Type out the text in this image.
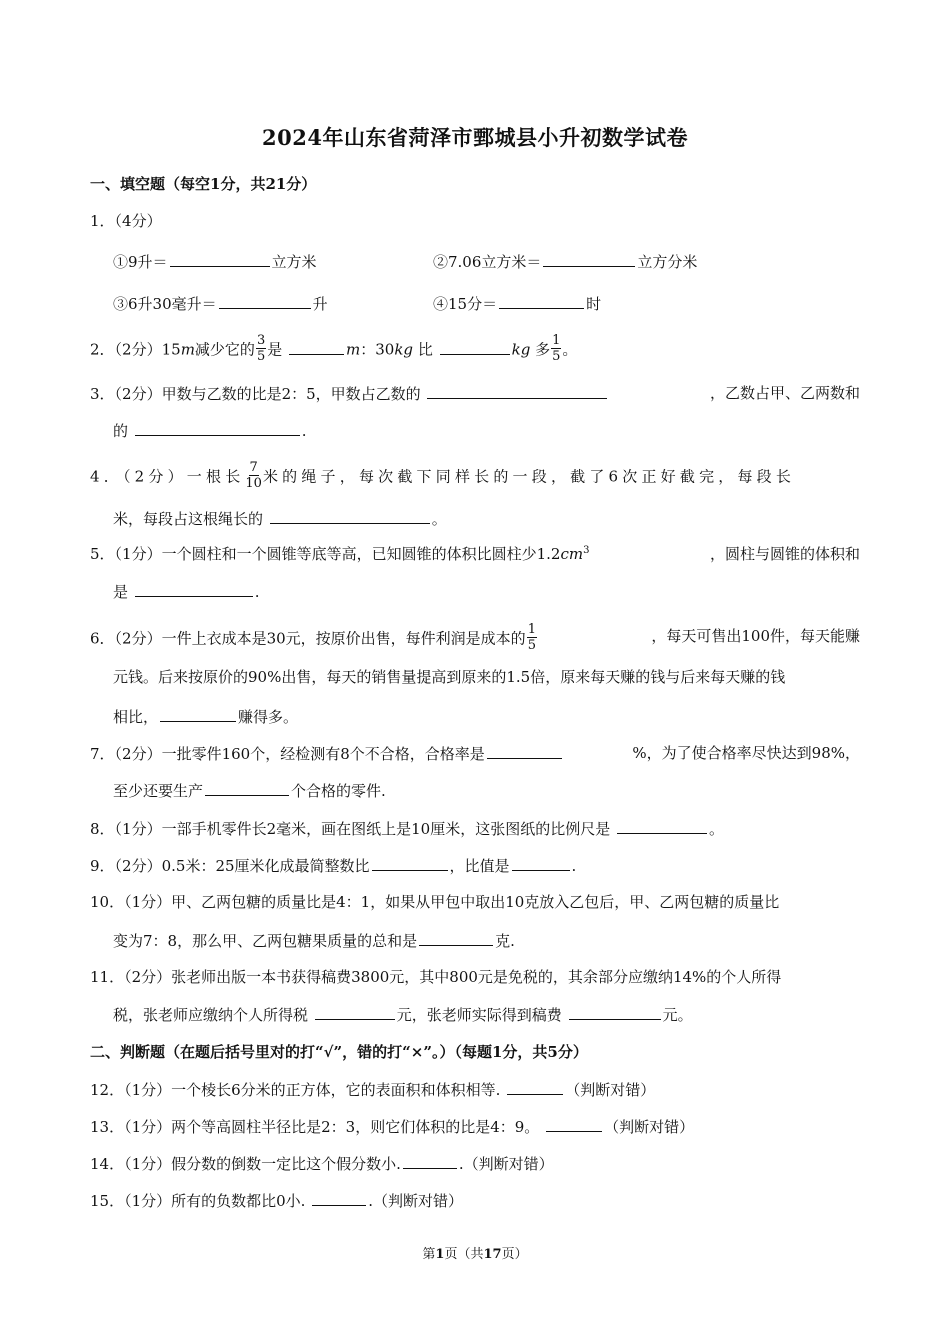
2024年山东省菏泽市鄄城县小升初数学试卷
一、填空题（每空1分，共21分）
1．（4分）
①9升＝	立方米	②7.06立方米＝	立方分米
③6升30毫升＝	升	④15分＝	时
2．（2分）15m减少它的 $\frac{3}{5}$ 是	m：30kg 比	kg 多 $\frac{1}{5}$ 。
3．（2分）甲数与乙数的比是2：5，甲数占乙数的	，乙数占甲、乙两数和
的	.
4．（2分）一根长 $\frac{7}{10}$ 米的绳子，每次截下同样长的一段，截了6次正好截完，每段长
米，每段占这根绳长的	。
5．（1分）一个圆柱和一个圆锥等底等高，已知圆锥的体积比圆柱少$1.2cm^3$	，圆柱与圆锥的体积和
是	.
6．（2分）一件上衣成本是30元，按原价出售，每件利润是成本的 $\frac{1}{5}$	，每天可售出100件，每天能赚
元钱。后来按原价的90%出售，每天的销售量提高到原来的1.5倍，原来每天赚的钱与后来每天赚的钱
相比，	赚得多。
7．（2分）一批零件160个，经检测有8个不合格，合格率是	%，为了使合格率尽快达到98%，
至少还要生产	个合格的零件.
8．（1分）一部手机零件长2毫米，画在图纸上是10厘米，这张图纸的比例尺是	。
9．（2分）0.5米：25厘米化成最简整数比	，比值是	.
10．（1分）甲、乙两包糖的质量比是4：1，如果从甲包中取出10克放入乙包后，甲、乙两包糖的质量比
变为7：8，那么甲、乙两包糖果质量的总和是	克.
11．（2分）张老师出版一本书获得稿费3800元，其中800元是免税的，其余部分应缴纳14%的个人所得
税，张老师应缴纳个人所得税	元，张老师实际得到稿费	元。
二、判断题（在题后括号里对的打“√”，错的打“×”。）（每题1分，共5分）
12．（1分）一个棱长6分米的正方体，它的表面积和体积相等.	（判断对错）
13．（1分）两个等高圆柱半径比是2：3，则它们体积的比是4：9。	（判断对错）
14．（1分）假分数的倒数一定比这个假分数小.	.（判断对错）
15．（1分）所有的负数都比0小.	.（判断对错）
第1页（共17页）
